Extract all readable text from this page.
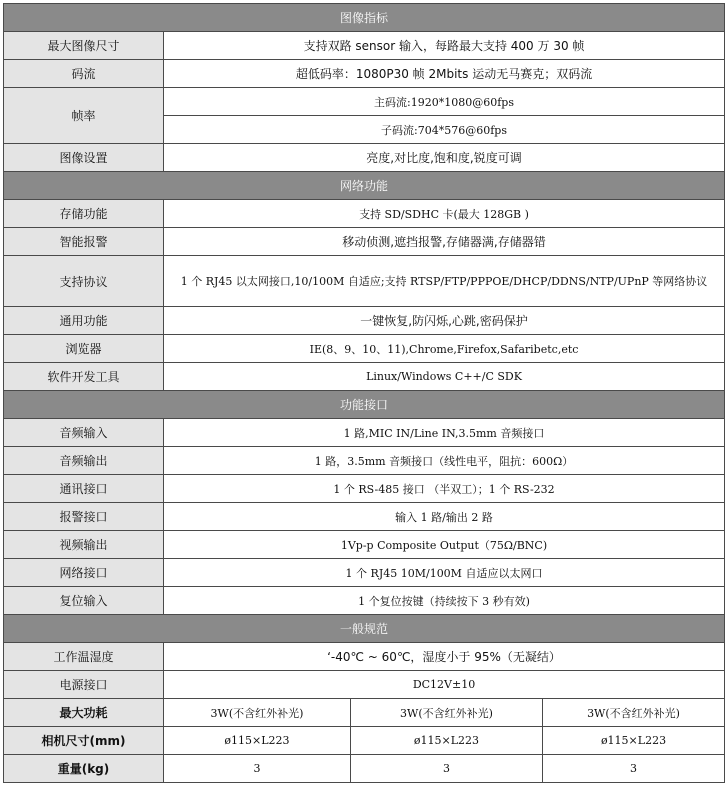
图像指标			
最大图像尺寸	支持双路 sensor 输入，每路最大支持 400 万 30 帧		
码流	超低码率：1080P30 帧 2Mbits 运动无马赛克；双码流		
帧率	主码流:1920*1080@60fps		
	子码流:704*576@60fps		
图像设置	亮度,对比度,饱和度,锐度可调		
网络功能			
存储功能	支持 SD/SDHC 卡(最大 128GB )		
智能报警	移动侦测,遮挡报警,存储器满,存储器错		
支持协议	1 个 RJ45 以太网接口,10/100M 自适应;支持 RTSP/FTP/PPPOE/DHCP/DDNS/NTP/UPnP 等网络协议		
通用功能	一键恢复,防闪烁,心跳,密码保护		
浏览器	IE(8、9、10、11),Chrome,Firefox,Safaribetc,etc		
软件开发工具	Linux/Windows C++/C SDK		
功能接口			
音频输入	1 路,MIC IN/Line IN,3.5mm 音频接口		
音频输出	1 路，3.5mm 音频接口（线性电平，阻抗：600Ω）		
通讯接口	1 个 RS-485 接口 （半双工）；1 个 RS-232		
报警接口	输入 1 路/输出 2 路		
视频输出	1Vp-p Composite Output（75Ω/BNC)		
网络接口	1 个 RJ45 10M/100M 自适应以太网口		
复位输入	1 个复位按键（持续按下 3 秒有效)		
一般规范			
工作温湿度	‘-40℃ ~ 60℃，湿度小于 95%（无凝结）		
电源接口	DC12V±10		
最大功耗	3W(不含红外补光)	3W(不含红外补光)	3W(不含红外补光)
相机尺寸(mm)	ø115×L223	ø115×L223	ø115×L223
重量(kg)	3	3	3
